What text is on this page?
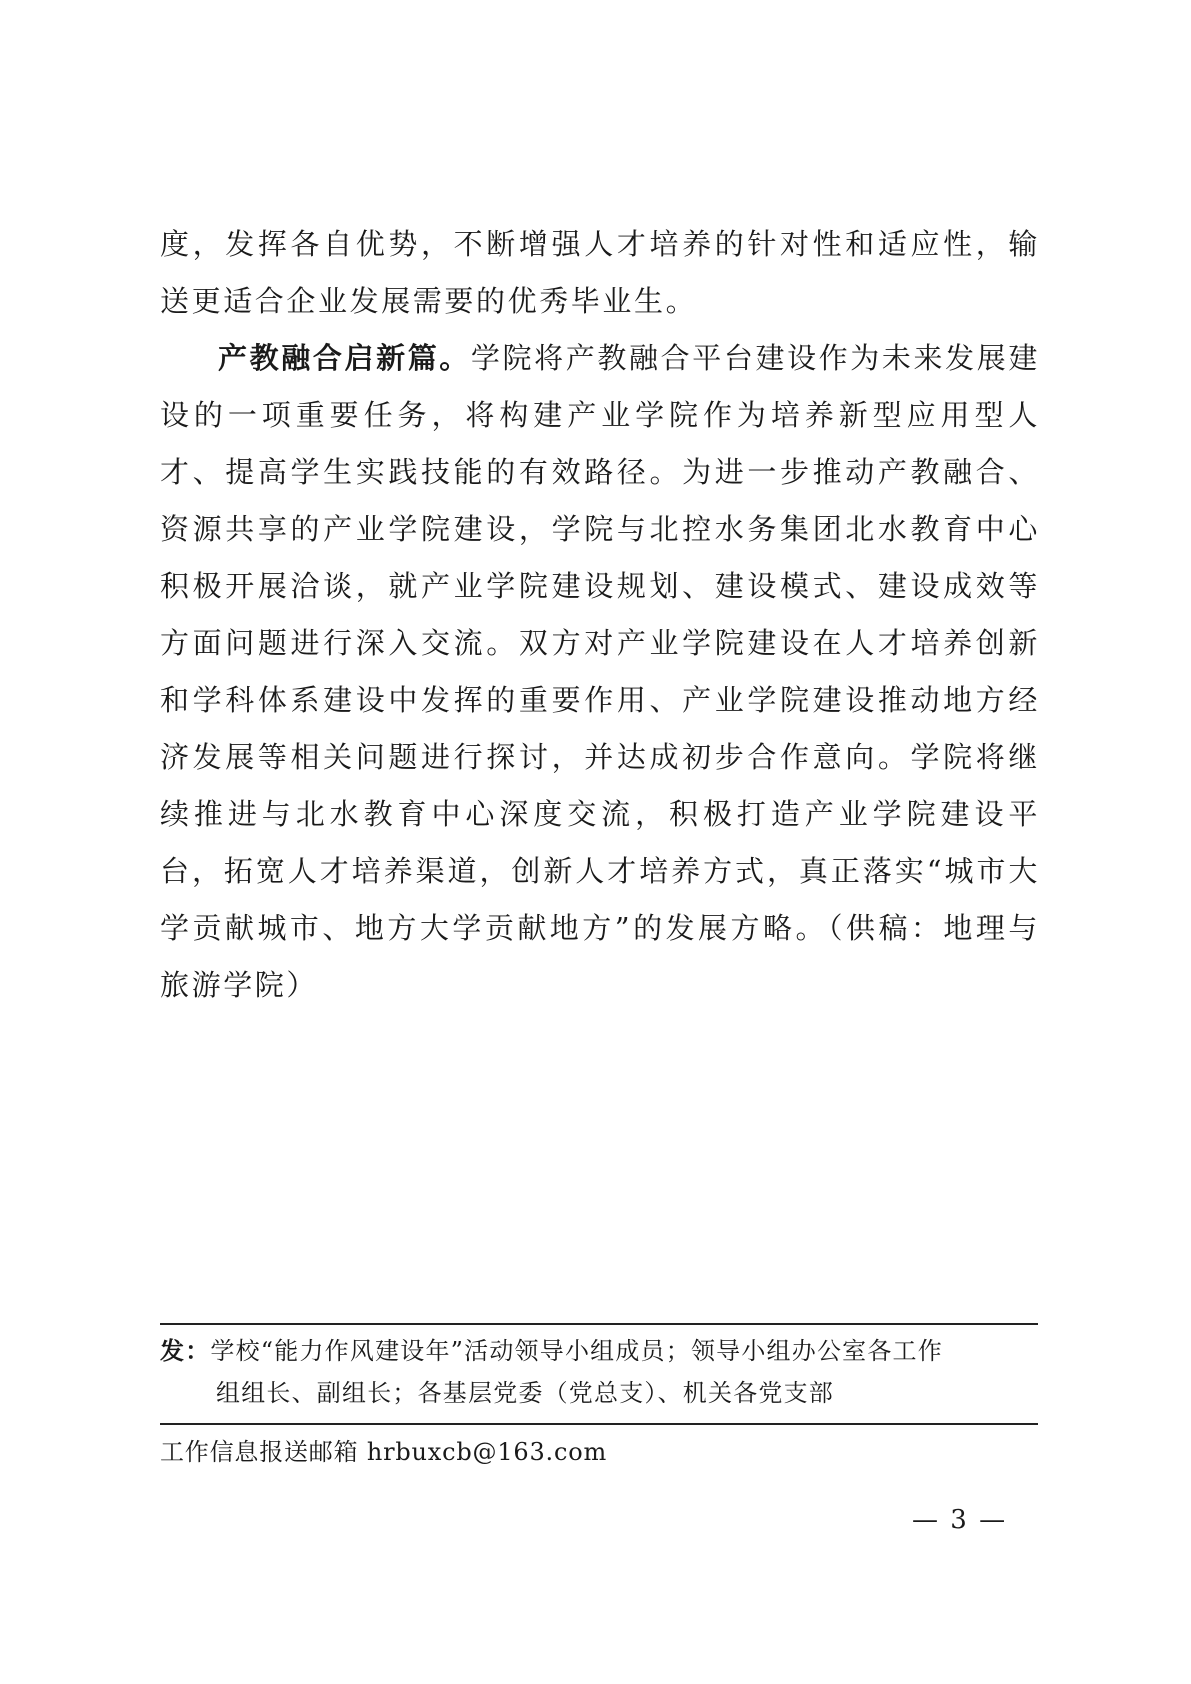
度，发挥各自优势，不断增强人才培养的针对性和适应性，输送更适合企业发展需要的优秀毕业生。

产教融合启新篇。学院将产教融合平台建设作为未来发展建设的一项重要任务，将构建产业学院作为培养新型应用型人才、提高学生实践技能的有效路径。为进一步推动产教融合、资源共享的产业学院建设，学院与北控水务集团北水教育中心积极开展洽谈，就产业学院建设规划、建设模式、建设成效等方面问题进行深入交流。双方对产业学院建设在人才培养创新和学科体系建设中发挥的重要作用、产业学院建设推动地方经济发展等相关问题进行探讨，并达成初步合作意向。学院将继续推进与北水教育中心深度交流，积极打造产业学院建设平台，拓宽人才培养渠道，创新人才培养方式，真正落实“城市大学贡献城市、地方大学贡献地方”的发展方略。（供稿：地理与旅游学院）

发：学校“能力作风建设年”活动领导小组成员；领导小组办公室各工作
组组长、副组长；各基层党委（党总支）、机关各党支部
工作信息报送邮箱 hrbuxcb@163.com
— 3 —
